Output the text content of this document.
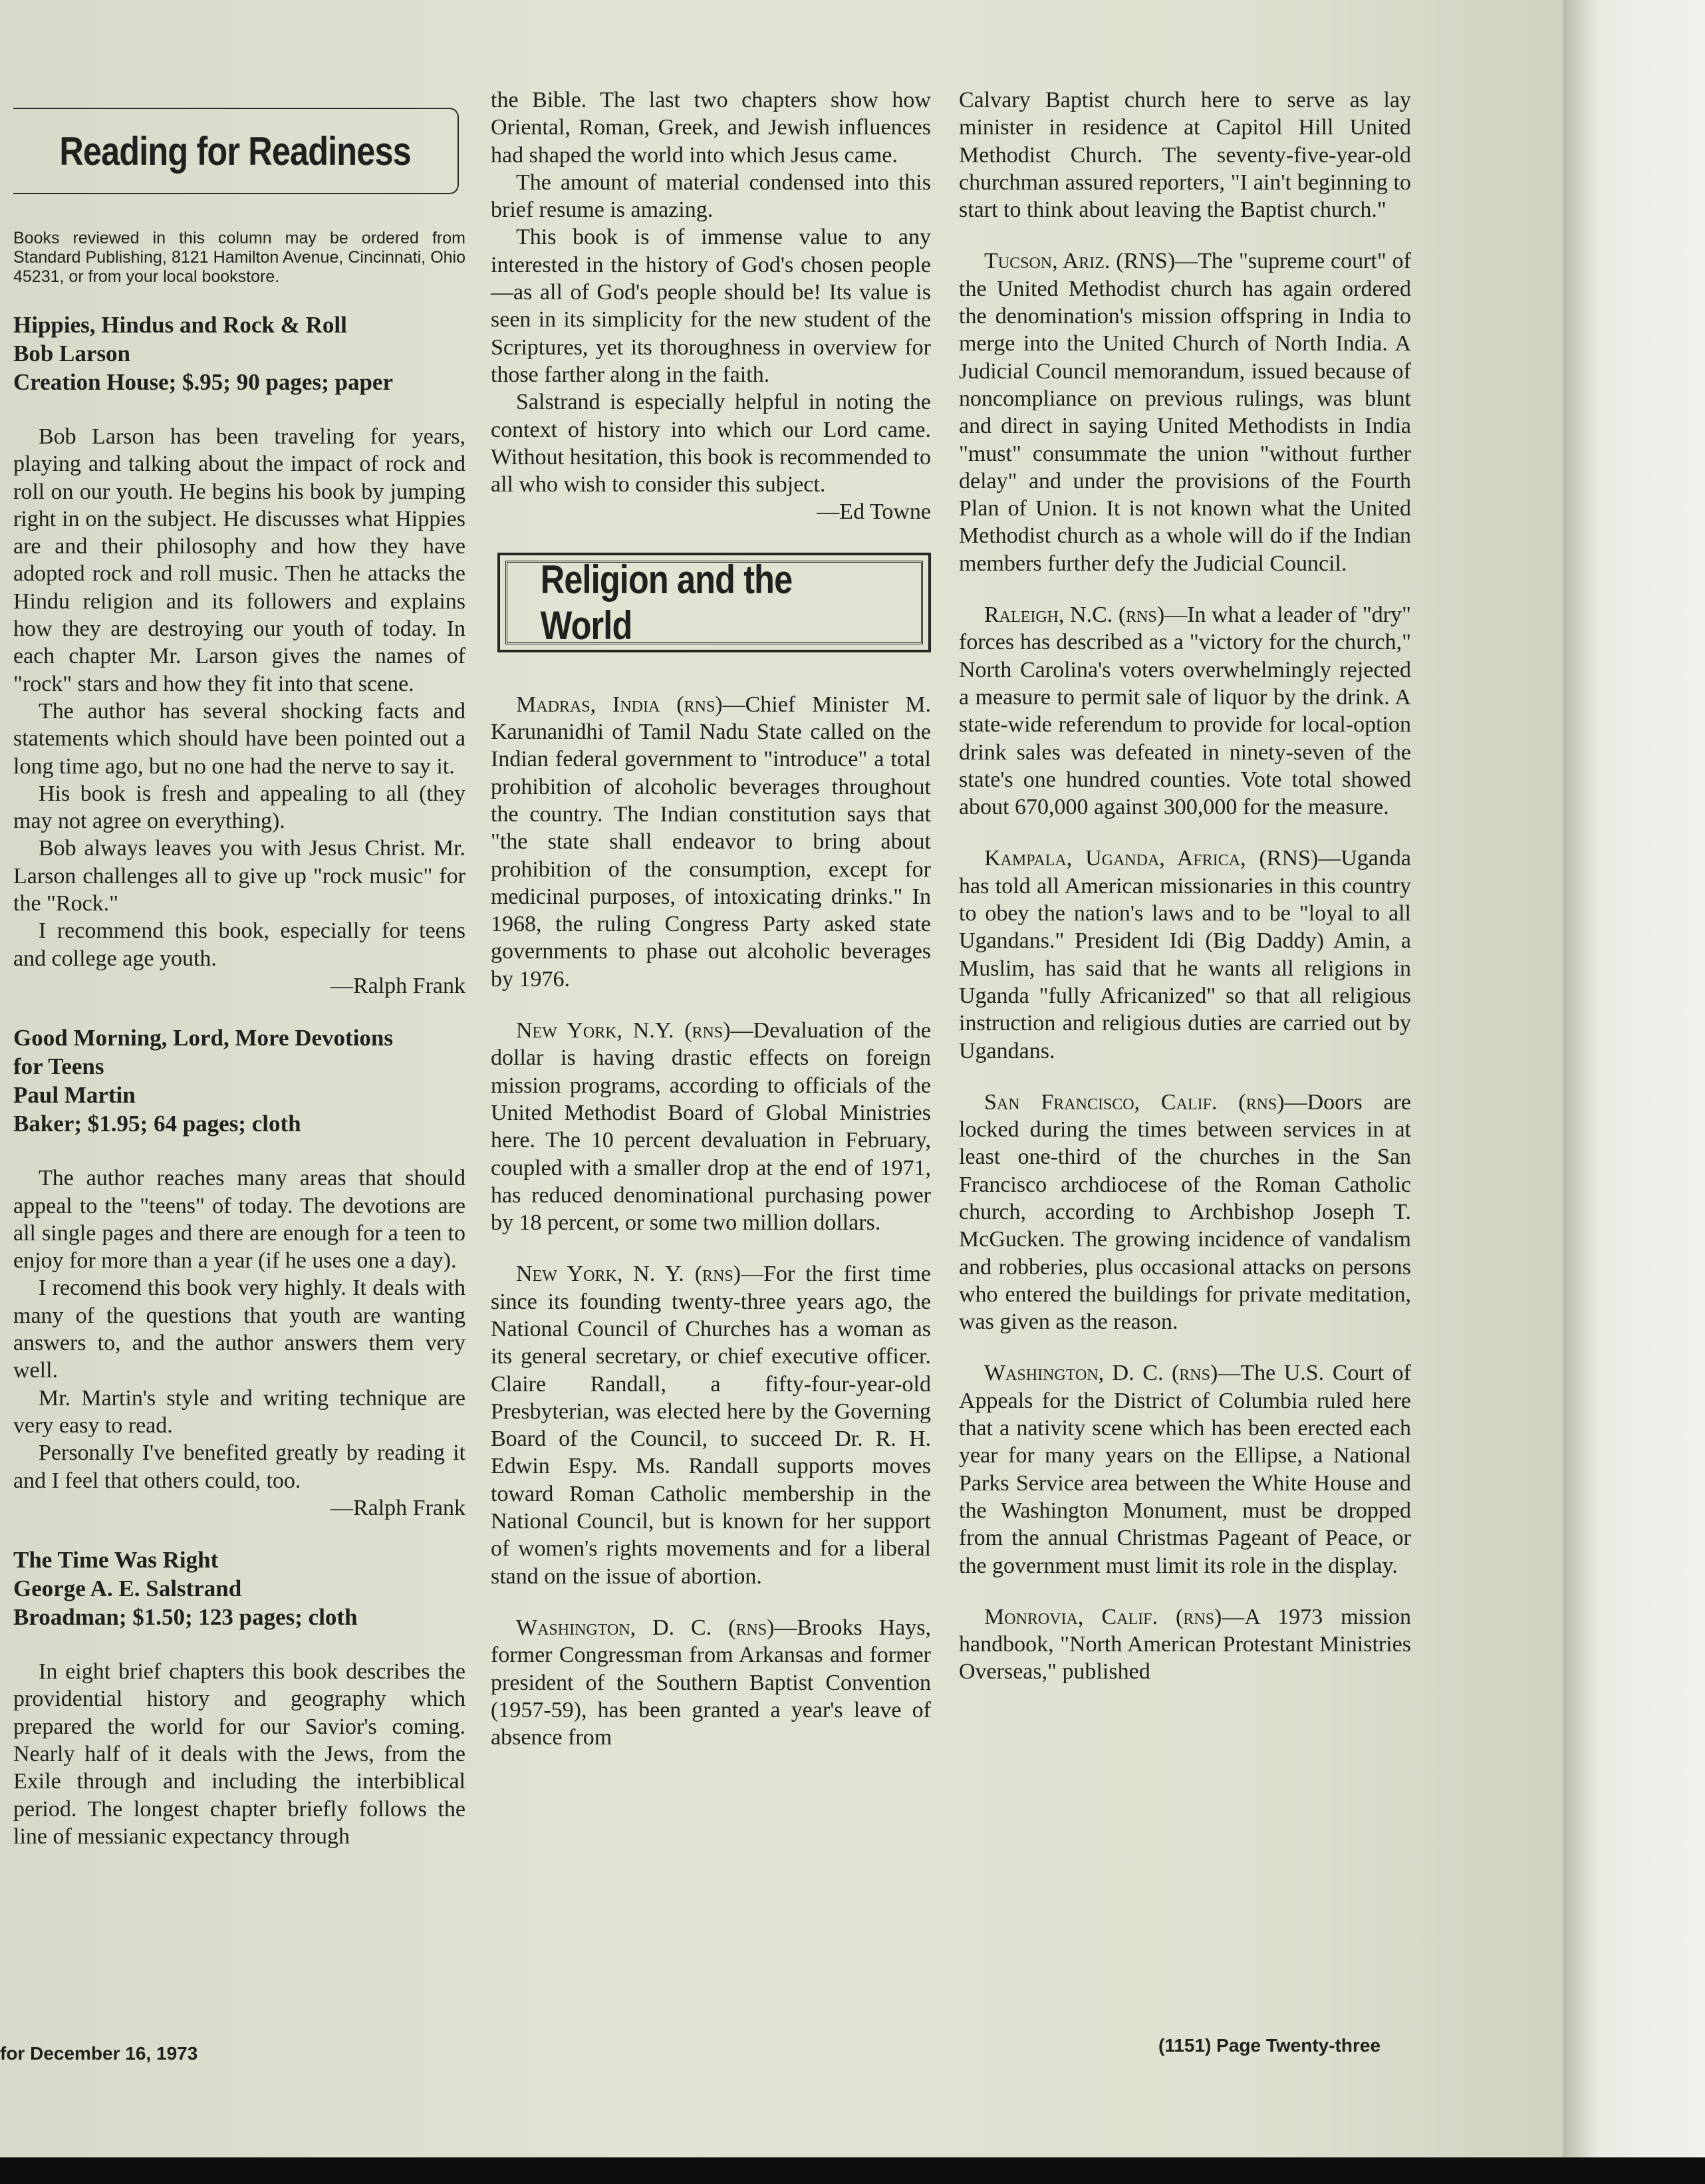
Reading for Readiness

Books reviewed in this column may be ordered from Standard Publishing, 8121 Hamilton Avenue, Cincinnati, Ohio 45231, or from your local bookstore.

Hippies, Hindus and Rock & Roll
Bob Larson
Creation House; $.95; 90 pages; paper

Bob Larson has been traveling for years, playing and talking about the impact of rock and roll on our youth. He begins his book by jumping right in on the subject. He discusses what Hippies are and their philosophy and how they have adopted rock and roll music. Then he attacks the Hindu religion and its followers and explains how they are destroying our youth of today. In each chapter Mr. Larson gives the names of "rock" stars and how they fit into that scene.

The author has several shocking facts and statements which should have been pointed out a long time ago, but no one had the nerve to say it.

His book is fresh and appealing to all (they may not agree on everything).

Bob always leaves you with Jesus Christ. Mr. Larson challenges all to give up "rock music" for the "Rock."

I recommend this book, especially for teens and college age youth.

—Ralph Frank
Good Morning, Lord, More Devotions
for Teens
Paul Martin
Baker; $1.95; 64 pages; cloth

The author reaches many areas that should appeal to the "teens" of today. The devotions are all single pages and there are enough for a teen to enjoy for more than a year (if he uses one a day).

I recomend this book very highly. It deals with many of the questions that youth are wanting answers to, and the author answers them very well.

Mr. Martin's style and writing technique are very easy to read.

Personally I've benefited greatly by reading it and I feel that others could, too.

—Ralph Frank
The Time Was Right
George A. E. Salstrand
Broadman; $1.50; 123 pages; cloth

In eight brief chapters this book describes the providential history and geography which prepared the world for our Savior's coming. Nearly half of it deals with the Jews, from the Exile through and including the interbiblical period. The longest chapter briefly follows the line of messianic expectancy through

the Bible. The last two chapters show how Oriental, Roman, Greek, and Jewish influences had shaped the world into which Jesus came.

The amount of material condensed into this brief resume is amazing.

This book is of immense value to any interested in the history of God's chosen people—as all of God's people should be! Its value is seen in its simplicity for the new student of the Scriptures, yet its thoroughness in overview for those farther along in the faith.

Salstrand is especially helpful in noting the context of history into which our Lord came. Without hesitation, this book is recommended to all who wish to consider this subject.

—Ed Towne
Religion and the World

Madras, India (rns)—Chief Minister M. Karunanidhi of Tamil Nadu State called on the Indian federal government to "introduce" a total prohibition of alcoholic beverages throughout the country. The Indian constitution says that "the state shall endeavor to bring about prohibition of the consumption, except for medicinal purposes, of intoxicating drinks." In 1968, the ruling Congress Party asked state governments to phase out alcoholic beverages by 1976.

New York, N.Y. (rns)—Devaluation of the dollar is having drastic effects on foreign mission programs, according to officials of the United Methodist Board of Global Ministries here. The 10 percent devaluation in February, coupled with a smaller drop at the end of 1971, has reduced denominational purchasing power by 18 percent, or some two million dollars.

New York, N. Y. (rns)—For the first time since its founding twenty-three years ago, the National Council of Churches has a woman as its general secretary, or chief executive officer. Claire Randall, a fifty-four-year-old Presbyterian, was elected here by the Governing Board of the Council, to succeed Dr. R. H. Edwin Espy. Ms. Randall supports moves toward Roman Catholic membership in the National Council, but is known for her support of women's rights movements and for a liberal stand on the issue of abortion.

Washington, D. C. (rns)—Brooks Hays, former Congressman from Arkansas and former president of the Southern Baptist Convention (1957-59), has been granted a year's leave of absence from

Calvary Baptist church here to serve as lay minister in residence at Capitol Hill United Methodist Church. The seventy-five-year-old churchman assured reporters, "I ain't beginning to start to think about leaving the Baptist church."

Tucson, Ariz. (RNS)—The "supreme court" of the United Methodist church has again ordered the denomination's mission offspring in India to merge into the United Church of North India. A Judicial Council memorandum, issued because of noncompliance on previous rulings, was blunt and direct in saying United Methodists in India "must" consummate the union "without further delay" and under the provisions of the Fourth Plan of Union. It is not known what the United Methodist church as a whole will do if the Indian members further defy the Judicial Council.

Raleigh, N.C. (rns)—In what a leader of "dry" forces has described as a "victory for the church," North Carolina's voters overwhelmingly rejected a measure to permit sale of liquor by the drink. A state-wide referendum to provide for local-option drink sales was defeated in ninety-seven of the state's one hundred counties. Vote total showed about 670,000 against 300,000 for the measure.

Kampala, Uganda, Africa, (RNS)—Uganda has told all American missionaries in this country to obey the nation's laws and to be "loyal to all Ugandans." President Idi (Big Daddy) Amin, a Muslim, has said that he wants all religions in Uganda "fully Africanized" so that all religious instruction and religious duties are carried out by Ugandans.

San Francisco, Calif. (rns)—Doors are locked during the times between services in at least one-third of the churches in the San Francisco archdiocese of the Roman Catholic church, according to Archbishop Joseph T. McGucken. The growing incidence of vandalism and robberies, plus occasional attacks on persons who entered the buildings for private meditation, was given as the reason.

Washington, D. C. (rns)—The U.S. Court of Appeals for the District of Columbia ruled here that a nativity scene which has been erected each year for many years on the Ellipse, a National Parks Service area between the White House and the Washington Monument, must be dropped from the annual Christmas Pageant of Peace, or the government must limit its role in the display.

Monrovia, Calif. (rns)—A 1973 mission handbook, "North American Protestant Ministries Overseas," published

for December 16, 1973	(1151) Page Twenty-three
